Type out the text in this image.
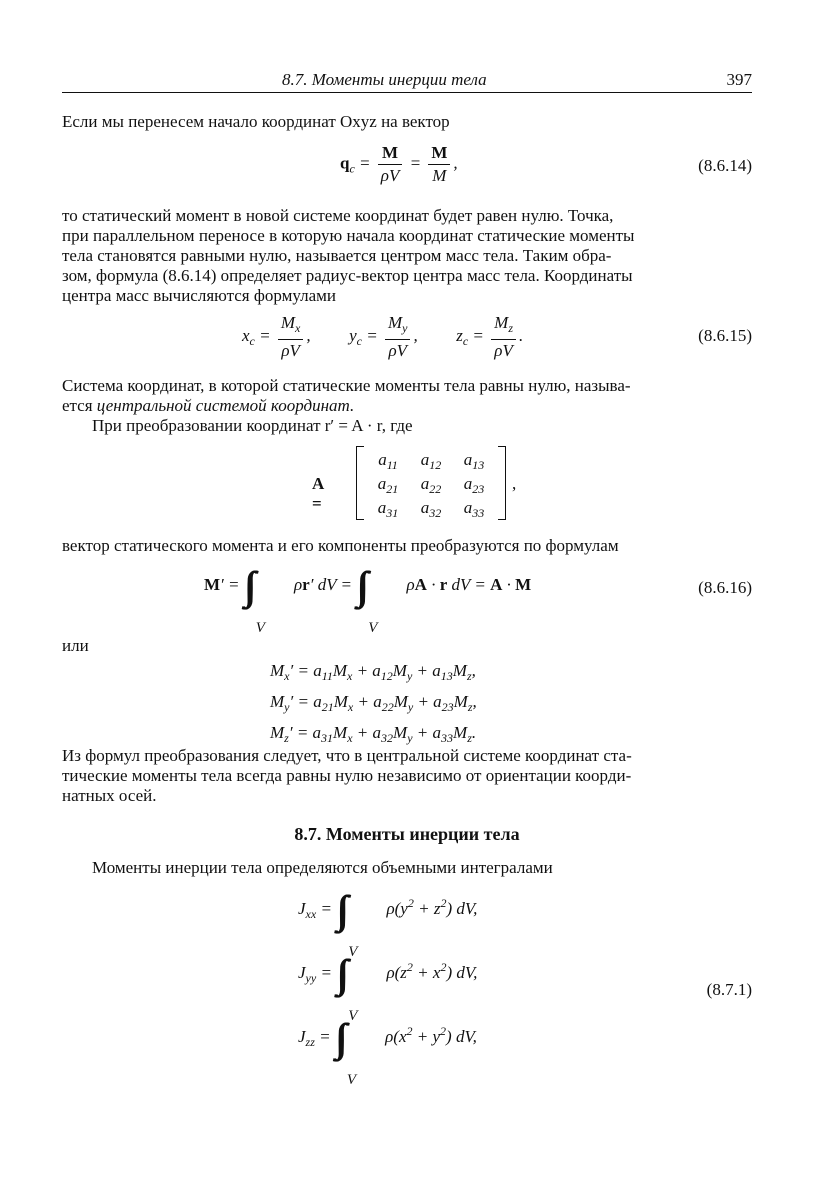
8.7. Моменты инерции тела	397
Если мы перенесем начало координат Oxyz на вектор
$q_c = \frac{M}{\rho V} = \frac{M}{M}$ ,	(8.6.14)
то статический момент в новой системе координат будет равен нулю. Точка,
при параллельном переносе в которую начала координат статические моменты
тела становятся равными нулю, называется центром масс тела. Таким обра-
зом, формула (8.6.14) определяет радиус-вектор центра масс тела. Координаты
центра масс вычисляются формулами
$x_c = \frac{M_x}{\rho V}$ ,  $y_c = \frac{M_y}{\rho V}$ ,  $z_c = \frac{M_z}{\rho V}$ .	(8.6.15)
Система координат, в которой статические моменты тела равны нулю, называ-
ется центральной системой координат.
При преобразовании координат r′ = A · r, где
A =
$a_{11}$	$a_{12}$	$a_{13}$
$a_{21}$	$a_{22}$	$a_{23}$
$a_{31}$	$a_{32}$	$a_{33}$
,
вектор статического момента и его компоненты преобразуются по формулам
M′ = ∫∫∫
V
ρr′ dV = ∫∫∫
V
ρA · r dV = A · M	(8.6.16)
или
$M_x' = a_{11}M_x + a_{12}M_y + a_{13}M_z$,
$M_y' = a_{21}M_x + a_{22}M_y + a_{23}M_z$,
$M_z' = a_{31}M_x + a_{32}M_y + a_{33}M_z$.
Из формул преобразования следует, что в центральной системе координат ста-
тические моменты тела всегда равны нулю независимо от ориентации коорди-
натных осей.
8.7. Моменты инерции тела
Моменты инерции тела определяются объемными интегралами
$J_{xx}$ = ∫∫∫
V
$\rho(y^2 + z^2)$ dV,
$J_{yy}$ = ∫∫∫
V
$\rho(z^2 + x^2)$ dV,
$J_{zz}$ = ∫∫∫
V
$\rho(x^2 + y^2)$ dV,
(8.7.1)
